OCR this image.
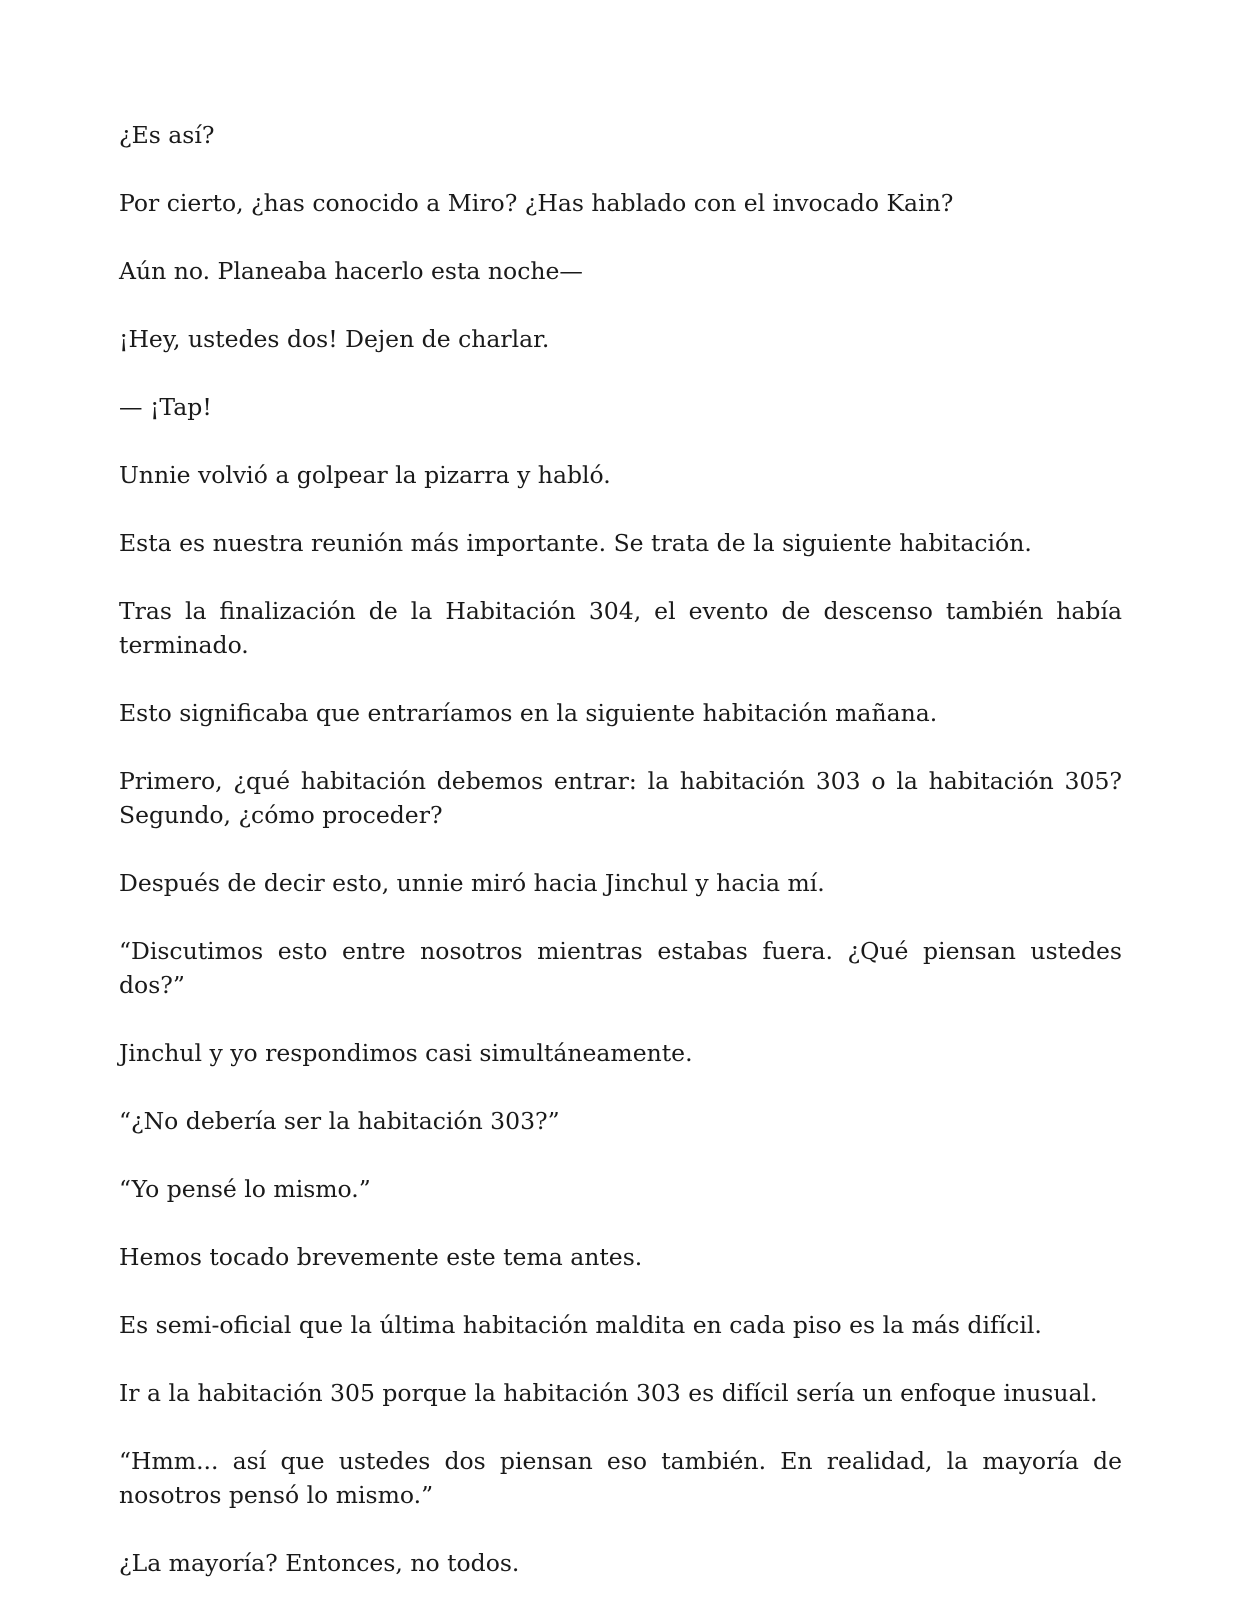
¿Es así?

Por cierto, ¿has conocido a Miro? ¿Has hablado con el invocado Kain?

Aún no. Planeaba hacerlo esta noche—

¡Hey, ustedes dos! Dejen de charlar.

— ¡Tap!

Unnie volvió a golpear la pizarra y habló.

Esta es nuestra reunión más importante. Se trata de la siguiente habitación.

Tras la finalización de la Habitación 304, el evento de descenso también había terminado.

Esto significaba que entraríamos en la siguiente habitación mañana.

Primero, ¿qué habitación debemos entrar: la habitación 303 o la habitación 305? Segundo, ¿cómo proceder?

Después de decir esto, unnie miró hacia Jinchul y hacia mí.

“Discutimos esto entre nosotros mientras estabas fuera. ¿Qué piensan ustedes dos?”

Jinchul y yo respondimos casi simultáneamente.

“¿No debería ser la habitación 303?”

“Yo pensé lo mismo.”

Hemos tocado brevemente este tema antes.

Es semi-oficial que la última habitación maldita en cada piso es la más difícil.

Ir a la habitación 305 porque la habitación 303 es difícil sería un enfoque inusual.

“Hmm... así que ustedes dos piensan eso también. En realidad, la mayoría de nosotros pensó lo mismo.”

¿La mayoría? Entonces, no todos.
